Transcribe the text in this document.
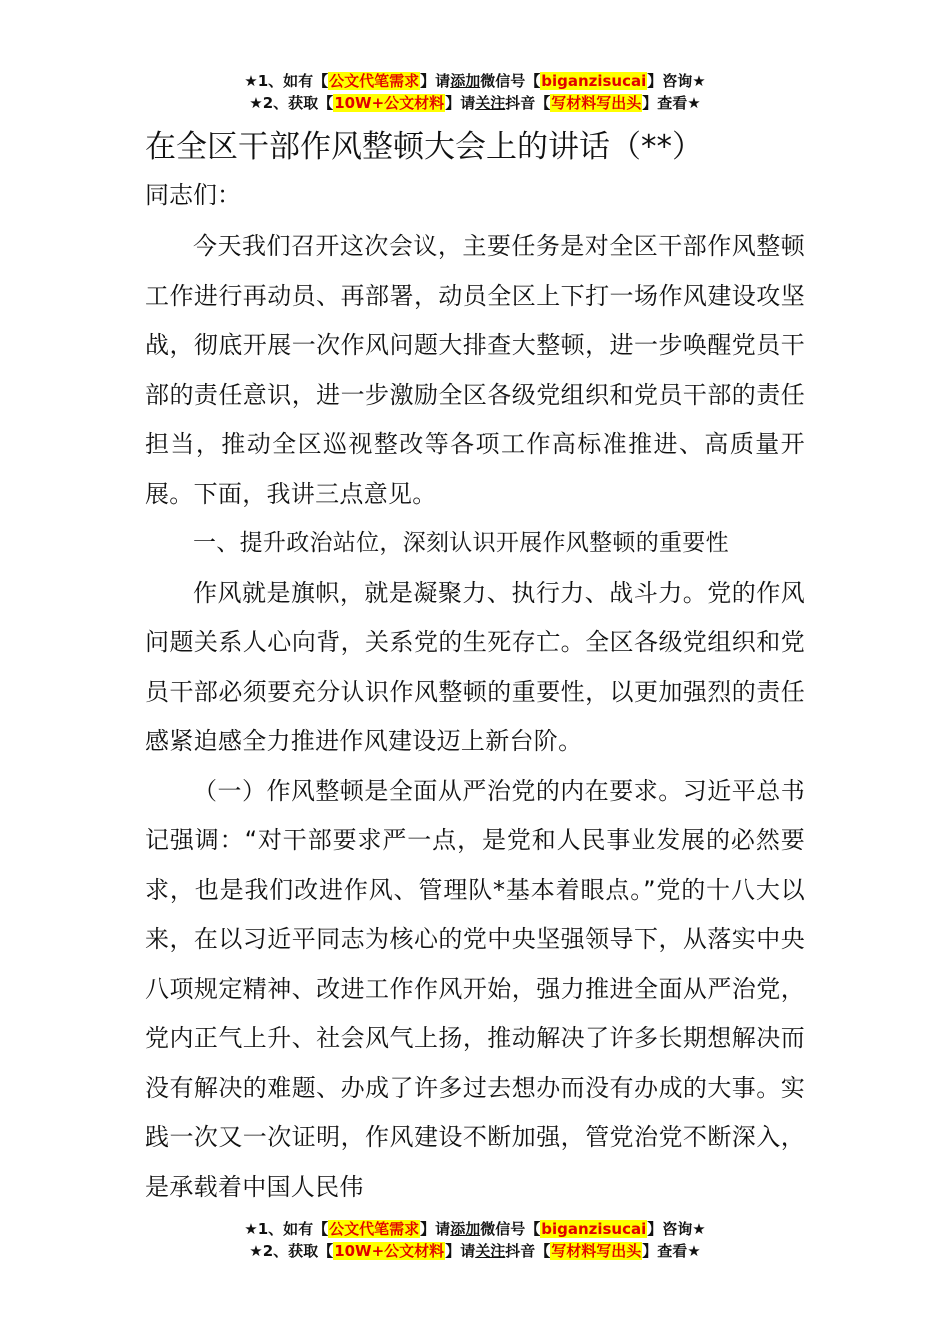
★1、如有【公文代笔需求】请添加微信号【biganzisucai】咨询★
★2、获取【10W+公文材料】请关注抖音【写材料写出头】查看★
在全区干部作风整顿大会上的讲话（**）
同志们：

今天我们召开这次会议，主要任务是对全区干部作风整顿工作进行再动员、再部署，动员全区上下打一场作风建设攻坚战，彻底开展一次作风问题大排查大整顿，进一步唤醒党员干部的责任意识，进一步激励全区各级党组织和党员干部的责任担当，推动全区巡视整改等各项工作高标准推进、高质量开展。下面，我讲三点意见。

一、提升政治站位，深刻认识开展作风整顿的重要性

作风就是旗帜，就是凝聚力、执行力、战斗力。党的作风问题关系人心向背，关系党的生死存亡。全区各级党组织和党员干部必须要充分认识作风整顿的重要性，以更加强烈的责任感紧迫感全力推进作风建设迈上新台阶。

（一）作风整顿是全面从严治党的内在要求。习近平总书记强调：“对干部要求严一点，是党和人民事业发展的必然要求，也是我们改进作风、管理队*基本着眼点。”党的十八大以来，在以习近平同志为核心的党中央坚强领导下，从落实中央八项规定精神、改进工作作风开始，强力推进全面从严治党，党内正气上升、社会风气上扬，推动解决了许多长期想解决而没有解决的难题、办成了许多过去想办而没有办成的大事。实践一次又一次证明，作风建设不断加强，管党治党不断深入，是承载着中国人民伟

★1、如有【公文代笔需求】请添加微信号【biganzisucai】咨询★
★2、获取【10W+公文材料】请关注抖音【写材料写出头】查看★
